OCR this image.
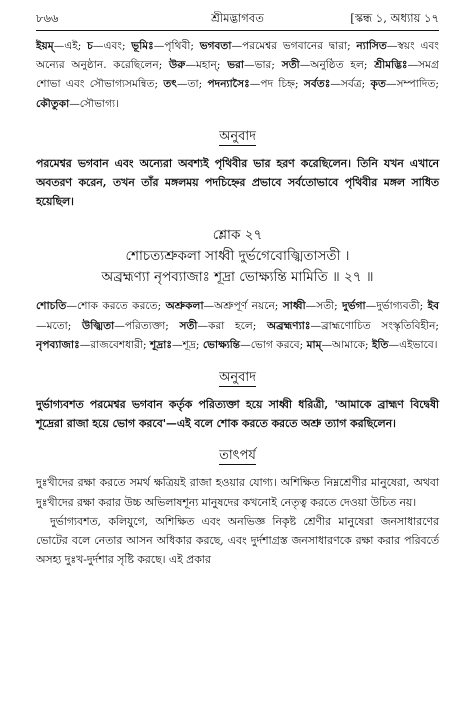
৮৬৬	শ্রীমদ্ভাগবত	[স্কন্ধ ১, অধ্যায় ১৭

ইয়ম্—এই; চ—এবং; ভূমিঃ—পৃথিবী; ভগবতা—পরমেশ্বর ভগবানের দ্বারা; ন্যাসিত—স্বয়ং এবং অন্যের অনুষ্ঠান. করেছিলেন; উরু—মহান্; ভরা—ভার; সতী—অনুষ্ঠিত হল; শ্রীমদ্ভিঃ—সমগ্র শোভা এবং সৌভাগ্যসমন্বিত; তৎ—তা; পদন্যাসৈঃ—পদ চিহ্ন; সর্বতঃ—সর্বত্র; কৃত—সম্পাদিত; কৌতুকা—সৌভাগ্য।

অনুবাদ

পরমেশ্বর ভগবান এবং অন্যেরা অবশ্যই পৃথিবীর ভার হরণ করেছিলেন। তিনি যখন এখানে অবতরণ করেন, তখন তাঁর মঙ্গলময় পদচিহ্নের প্রভাবে সর্বতোভাবে পৃথিবীর মঙ্গল সাধিত হয়েছিল।

শ্লোক ২৭
শোচত্যশ্রুকলা সাধ্বী দুর্ভগেবোজ্ঝিতাসতী ।
অব্রহ্মণ্যা নৃপব্যাজাঃ শূদ্রা ভোক্ষ্যন্তি মামিতি ॥ ২৭ ॥

শোচতি—শোক করতে করতে; অশ্রুকলা—অশ্রুপূর্ণ নয়নে; সাধ্বী—সতী; দুর্ভগা—দুর্ভাগ্যবতী; ইব—মতো; উজ্ঝিতা—পরিত্যক্তা; সতী—করা হলে; অব্রহ্মণ্যাঃ—ব্রাহ্মণোচিত সংস্কৃতিবিহীন; নৃপব্যাজাঃ—রাজবেশধারী; শূদ্রাঃ—শূদ্র; ভোক্ষ্যন্তি—ভোগ করবে; মাম্—আমাকে; ইতি—এইভাবে।

অনুবাদ

দুর্ভাগ্যবশত পরমেশ্বর ভগবান কর্তৃক পরিত্যক্তা হয়ে সাধ্বী ধরিত্রী, 'আমাকে ব্রাহ্মণ বিদ্বেষী শূদ্রেরা রাজা হয়ে ভোগ করবে'—এই বলে শোক করতে করতে অশ্রু ত্যাগ করছিলেন।

তাৎপর্য

দুঃখীদের রক্ষা করতে সমর্থ ক্ষত্রিয়ই রাজা হওয়ার যোগ্য। অশিক্ষিত নিম্নশ্রেণীর মানুষেরা, অথবা দুঃখীদের রক্ষা করার উচ্চ অভিলাষশূন্য মানুষদের কখনোই নেতৃত্ব করতে দেওয়া উচিত নয়।

দুর্ভাগ্যবশত, কলিযুগে, অশিক্ষিত এবং অনভিজ্ঞ নিকৃষ্ট শ্রেণীর মানুষেরা জনসাধারণের ভোটের বলে নেতার আসন অধিকার করছে, এবং দুর্দশাগ্রস্ত জনসাধারণকে রক্ষা করার পরিবর্তে অসহ্য দুঃখ-দুর্দশার সৃষ্টি করছে। এই প্রকার
